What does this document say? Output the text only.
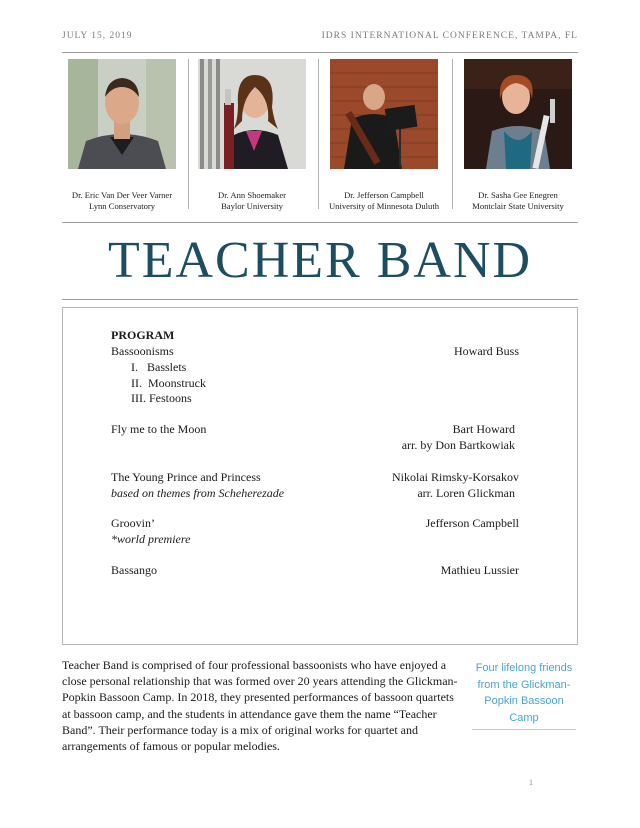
JULY 15, 2019	IDRS INTERNATIONAL CONFERENCE, TAMPA, FL
Dr. Eric Van Der Veer Varner
Lynn Conservatory
Dr. Ann Shoemaker
Baylor University
Dr. Jefferson Campbell
University of Minnesota Duluth
Dr. Sasha Gee Enegren
Montclair State University
TEACHER BAND
PROGRAM
Bassoonisms	Howard Buss
I.   Basslets
II.  Moonstruck
III. Festoons
Fly me to the Moon	Bart Howard
arr. by Don Bartkowiak
The Young Prince and Princess	Nikolai Rimsky-Korsakov
based on themes from Scheherezade	arr. Loren Glickman
Groovin’	Jefferson Campbell
*world premiere
Bassango	Mathieu Lussier
Teacher Band is comprised of four professional bassoonists who have enjoyed a close personal relationship that was formed over 20 years attending the Glickman-Popkin Bassoon Camp. In 2018, they presented performances of bassoon quartets at bassoon camp, and the students in attendance gave them the name “Teacher Band”. Their performance today is a mix of original works for quartet and arrangements of famous or popular melodies.
Four lifelong friends from the Glickman-Popkin Bassoon Camp
1
